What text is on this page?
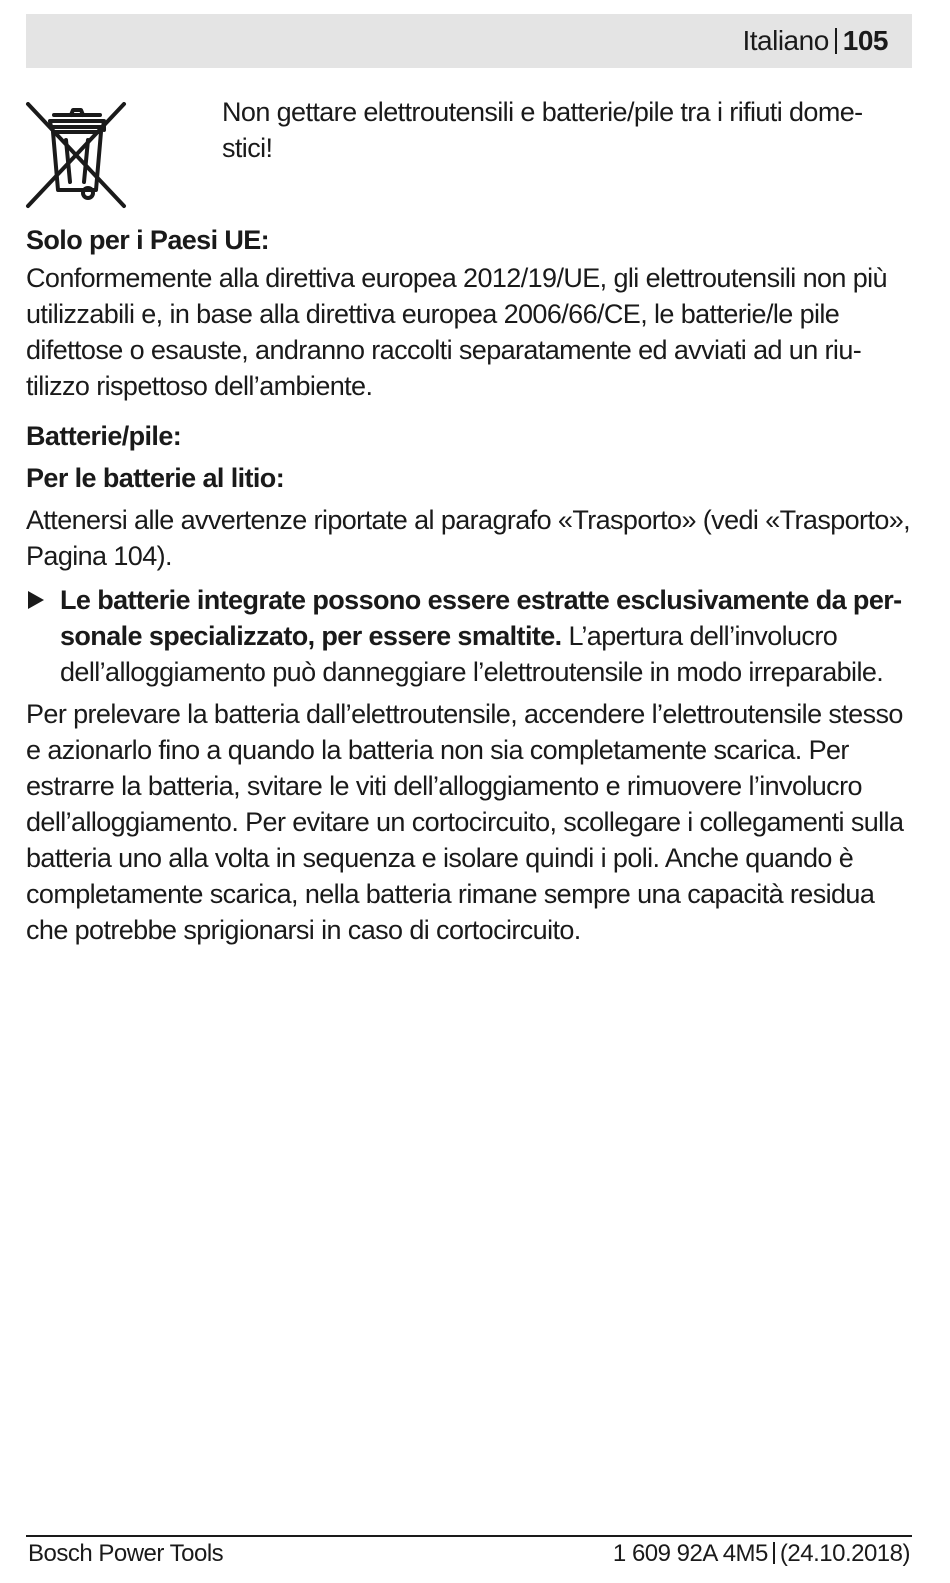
Italiano 105
Non gettare elettroutensili e batterie/pile tra i rifiuti domestici!

Solo per i Paesi UE:

Conformemente alla direttiva europea 2012/19/UE, gli elettroutensili non più utilizzabili e, in base alla direttiva europea 2006/66/CE, le batterie/le pile difettose o esauste, andranno raccolti separatamente ed avviati ad un riutilizzo rispettoso dell’ambiente.

Batterie/pile:

Per le batterie al litio:

Attenersi alle avvertenze riportate al paragrafo «Trasporto» (vedi «Trasporto», Pagina 104).

Le batterie integrate possono essere estratte esclusivamente da personale specializzato, per essere smaltite. L’apertura dell’involucro dell’alloggiamento può danneggiare l’elettroutensile in modo irreparabile.

Per prelevare la batteria dall’elettroutensile, accendere l’elettroutensile stesso e azionarlo fino a quando la batteria non sia completamente scarica. Per estrarre la batteria, svitare le viti dell’alloggiamento e rimuovere l’involucro dell’alloggiamento. Per evitare un cortocircuito, scollegare i collegamenti sulla batteria uno alla volta in sequenza e isolare quindi i poli. Anche quando è completamente scarica, nella batteria rimane sempre una capacità residua che potrebbe sprigionarsi in caso di cortocircuito.

Bosch Power Tools	1 609 92A 4M5 (24.10.2018)
